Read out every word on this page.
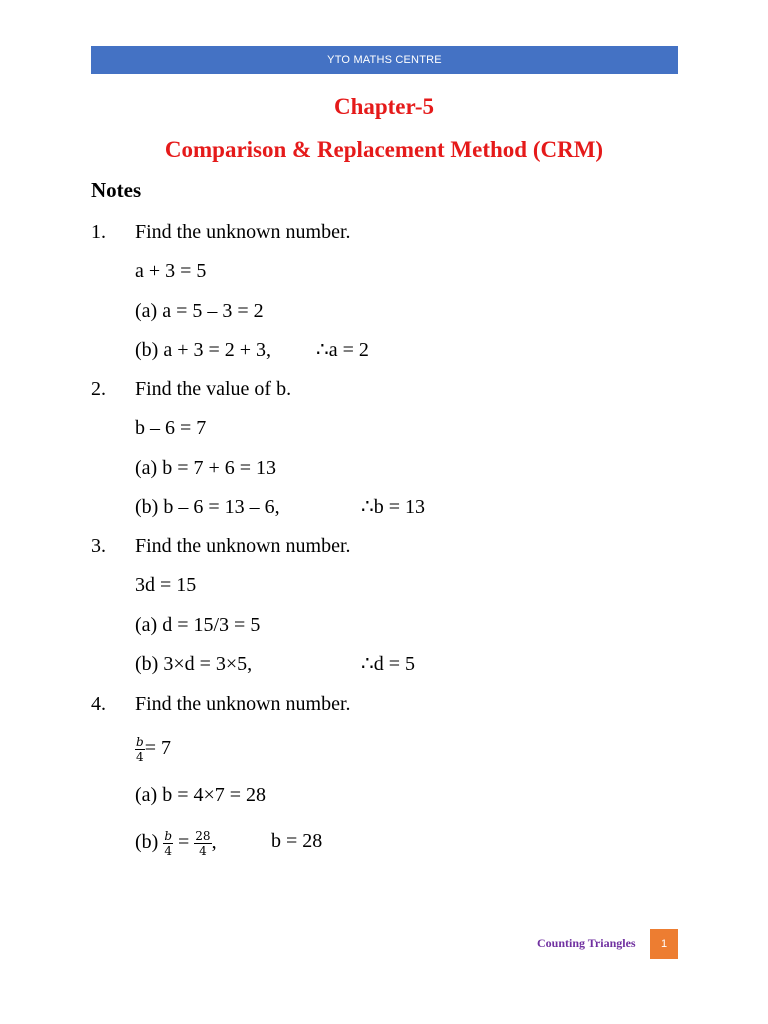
YTO MATHS CENTRE
Chapter-5
Comparison & Replacement Method (CRM)
Notes
1. Find the unknown number.
a + 3 = 5
(a) a = 5 – 3 = 2
(b) a + 3 = 2 + 3, ∴a = 2
2. Find the value of b.
b – 6 = 7
(a) b = 7 + 6 = 13
(b) b – 6 = 13 – 6,	∴b = 13
3. Find the unknown number.
3d = 15
(a) d = 15/3 = 5
(b) 3×d = 3×5,	∴d = 5
4. Find the unknown number.
$\frac{b}{4} = 7$
(a) b = 4×7 = 28
$(b) \frac{b}{4} = \frac{28}{4}$ ,	b = 28
Counting Triangles 1
